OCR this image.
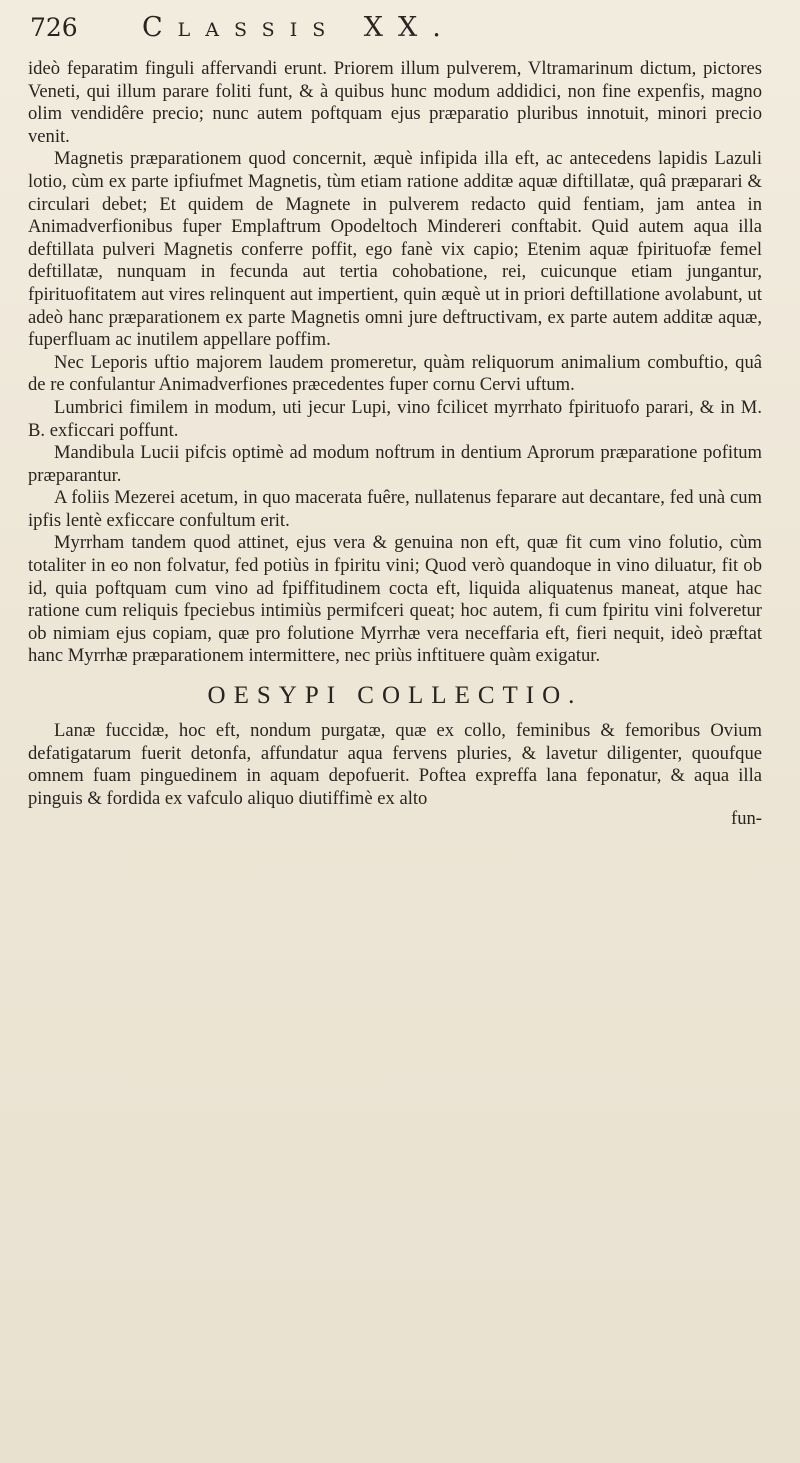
726	Classis XX.

ideò feparatim finguli affervandi erunt. Priorem illum pulverem, Vltramarinum dictum, pictores Veneti, qui illum parare foliti funt, & à quibus hunc modum addidici, non fine expenfis, magno olim vendidêre precio; nunc autem poftquam ejus præparatio pluribus innotuit, minori precio venit.

Magnetis præparationem quod concernit, æquè infipida illa eft, ac antecedens lapidis Lazuli lotio, cùm ex parte ipfiufmet Magnetis, tùm etiam ratione additæ aquæ diftillatæ, quâ præparari & circulari debet; Et quidem de Magnete in pulverem redacto quid fentiam, jam antea in Animadverfionibus fuper Emplaftrum Opodeltoch Mindereri conftabit. Quid autem aqua illa deftillata pulveri Magnetis conferre poffit, ego fanè vix capio; Etenim aquæ fpirituofæ femel deftillatæ, nunquam in fecunda aut tertia cohobatione, rei, cuicunque etiam jungantur, fpirituofitatem aut vires relinquent aut impertient, quin æquè ut in priori deftillatione avolabunt, ut adeò hanc præparationem ex parte Magnetis omni jure deftructivam, ex parte autem additæ aquæ, fuperfluam ac inutilem appellare poffim.

Nec Leporis uftio majorem laudem promeretur, quàm reliquorum animalium combuftio, quâ de re confulantur Animadverfiones præcedentes fuper cornu Cervi uftum.

Lumbrici fimilem in modum, uti jecur Lupi, vino fcilicet myrrhato fpirituofo parari, & in M. B. exficcari poffunt.

Mandibula Lucii pifcis optimè ad modum noftrum in dentium Aprorum præparatione pofitum præparantur.

A foliis Mezerei acetum, in quo macerata fuêre, nullatenus feparare aut decantare, fed unà cum ipfis lentè exficcare confultum erit.

Myrrham tandem quod attinet, ejus vera & genuina non eft, quæ fit cum vino folutio, cùm totaliter in eo non folvatur, fed potiùs in fpiritu vini; Quod verò quandoque in vino diluatur, fit ob id, quia poftquam cum vino ad fpiffitudinem cocta eft, liquida aliquatenus maneat, atque hac ratione cum reliquis fpeciebus intimiùs permifceri queat; hoc autem, fi cum fpiritu vini folveretur ob nimiam ejus copiam, quæ pro folutione Myrrhæ vera neceffaria eft, fieri nequit, ideò præftat hanc Myrrhæ præparationem intermittere, nec priùs inftituere quàm exigatur.

OESYPI COLLECTIO.

Lanæ fuccidæ, hoc eft, nondum purgatæ, quæ ex collo, feminibus & femoribus Ovium defatigatarum fuerit detonfa, affundatur aqua fervens pluries, & lavetur diligenter, quoufque omnem fuam pinguedinem in aquam depofuerit. Poftea expreffa lana feponatur, & aqua illa pinguis & fordida ex vafculo aliquo diutiffimè ex alto

fun-
